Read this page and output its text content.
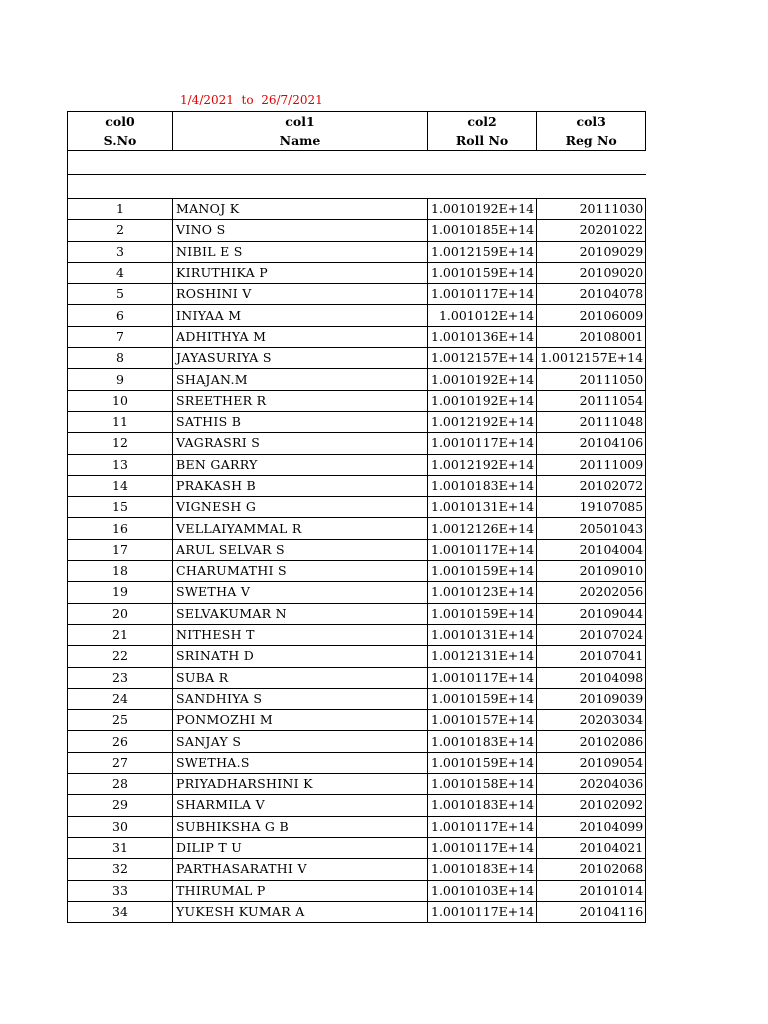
1/4/2021  to  26/7/2021
col0	col1	col2	col3
S.No	Name	Roll No	Reg No

1	MANOJ K	1.0010192E+14	20111030
2	VINO S	1.0010185E+14	20201022
3	NIBIL E S	1.0012159E+14	20109029
4	KIRUTHIKA P	1.0010159E+14	20109020
5	ROSHINI V	1.0010117E+14	20104078
6	INIYAA M	1.001012E+14	20106009
7	ADHITHYA M	1.0010136E+14	20108001
8	JAYASURIYA S	1.0012157E+14	1.0012157E+14
9	SHAJAN.M	1.0010192E+14	20111050
10	SREETHER R	1.0010192E+14	20111054
11	SATHIS B	1.0012192E+14	20111048
12	VAGRASRI S	1.0010117E+14	20104106
13	BEN GARRY	1.0012192E+14	20111009
14	PRAKASH B	1.0010183E+14	20102072
15	VIGNESH G	1.0010131E+14	19107085
16	VELLAIYAMMAL R	1.0012126E+14	20501043
17	ARUL SELVAR S	1.0010117E+14	20104004
18	CHARUMATHI S	1.0010159E+14	20109010
19	SWETHA V	1.0010123E+14	20202056
20	SELVAKUMAR N	1.0010159E+14	20109044
21	NITHESH T	1.0010131E+14	20107024
22	SRINATH D	1.0012131E+14	20107041
23	SUBA R	1.0010117E+14	20104098
24	SANDHIYA S	1.0010159E+14	20109039
25	PONMOZHI M	1.0010157E+14	20203034
26	SANJAY S	1.0010183E+14	20102086
27	SWETHA.S	1.0010159E+14	20109054
28	PRIYADHARSHINI K	1.0010158E+14	20204036
29	SHARMILA V	1.0010183E+14	20102092
30	SUBHIKSHA G B	1.0010117E+14	20104099
31	DILIP T U	1.0010117E+14	20104021
32	PARTHASARATHI V	1.0010183E+14	20102068
33	THIRUMAL P	1.0010103E+14	20101014
34	YUKESH KUMAR A	1.0010117E+14	20104116
